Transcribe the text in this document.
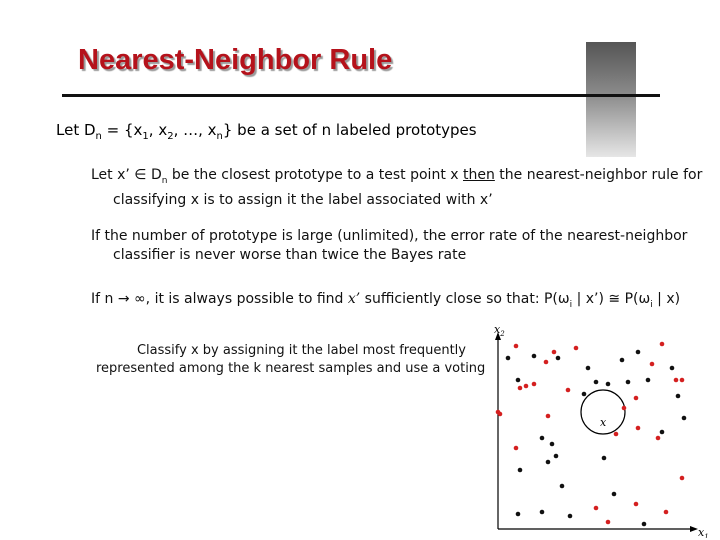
Nearest-Neighbor Rule
Let $D_n = \{x_1$, $x_2$, …, $x_n$} be a set of n labeled prototypes
Let x’ ∈ $D_n$ be the closest prototype to a test point x then the nearest-neighbor rule for
classifying x is to assign it the label associated with x’
If the number of prototype is large (unlimited), the error rate of the nearest-neighbor
classifier is never worse than twice the Bayes rate
If n → ∞, it is always possible to find x’ sufficiently close so that: $P(\omega_i$ | x’) ≅ $P(\omega_i$ | x)
Classify x by assigning it the label most frequently
represented among the k nearest samples and use a voting
$x_2$
$x_1$
x
